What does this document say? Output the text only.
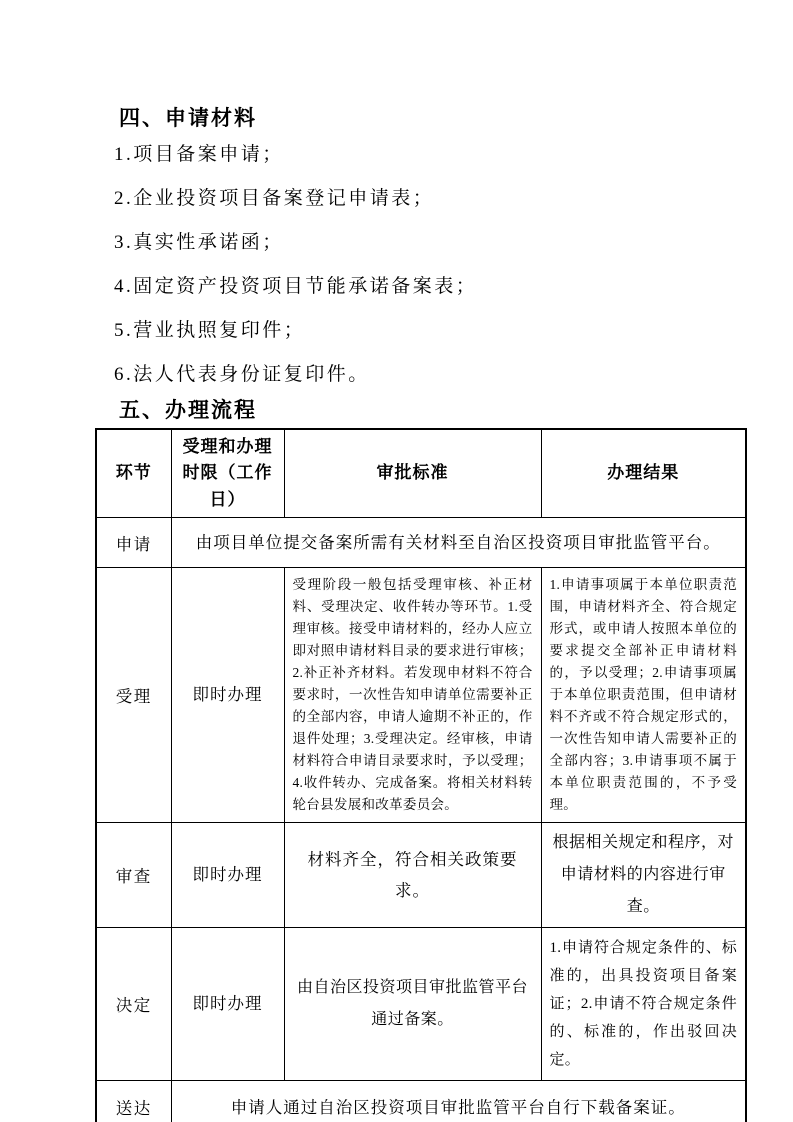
四、申请材料
1.项目备案申请；
2.企业投资项目备案登记申请表；
3.真实性承诺函；
4.固定资产投资项目节能承诺备案表；
5.营业执照复印件；
6.法人代表身份证复印件。
五、办理流程
环节	受理和办理时限（工作日）	审批标准	办理结果
申请	由项目单位提交备案所需有关材料至自治区投资项目审批监管平台。		
受理	即时办理	受理阶段一般包括受理审核、补正材料、受理决定、收件转办等环节。1.受理审核。接受申请材料的，经办人应立即对照申请材料目录的要求进行审核；2.补正补齐材料。若发现申材料不符合要求时，一次性告知申请单位需要补正的全部内容，申请人逾期不补正的，作退件处理；3.受理决定。经审核，申请材料符合申请目录要求时，予以受理；4.收件转办、完成备案。将相关材料转轮台县发展和改革委员会。	1.申请事项属于本单位职责范围，申请材料齐全、符合规定形式，或申请人按照本单位的要求提交全部补正申请材料的，予以受理；2.申请事项属于本单位职责范围，但申请材料不齐或不符合规定形式的，一次性告知申请人需要补正的全部内容；3.申请事项不属于本单位职责范围的，不予受理。
审查	即时办理	材料齐全，符合相关政策要求。	根据相关规定和程序，对申请材料的内容进行审查。
决定	即时办理	由自治区投资项目审批监管平台通过备案。	1.申请符合规定条件的、标准的，出具投资项目备案证；2.申请不符合规定条件的、标准的，作出驳回决定。
送达	申请人通过自治区投资项目审批监管平台自行下载备案证。		
